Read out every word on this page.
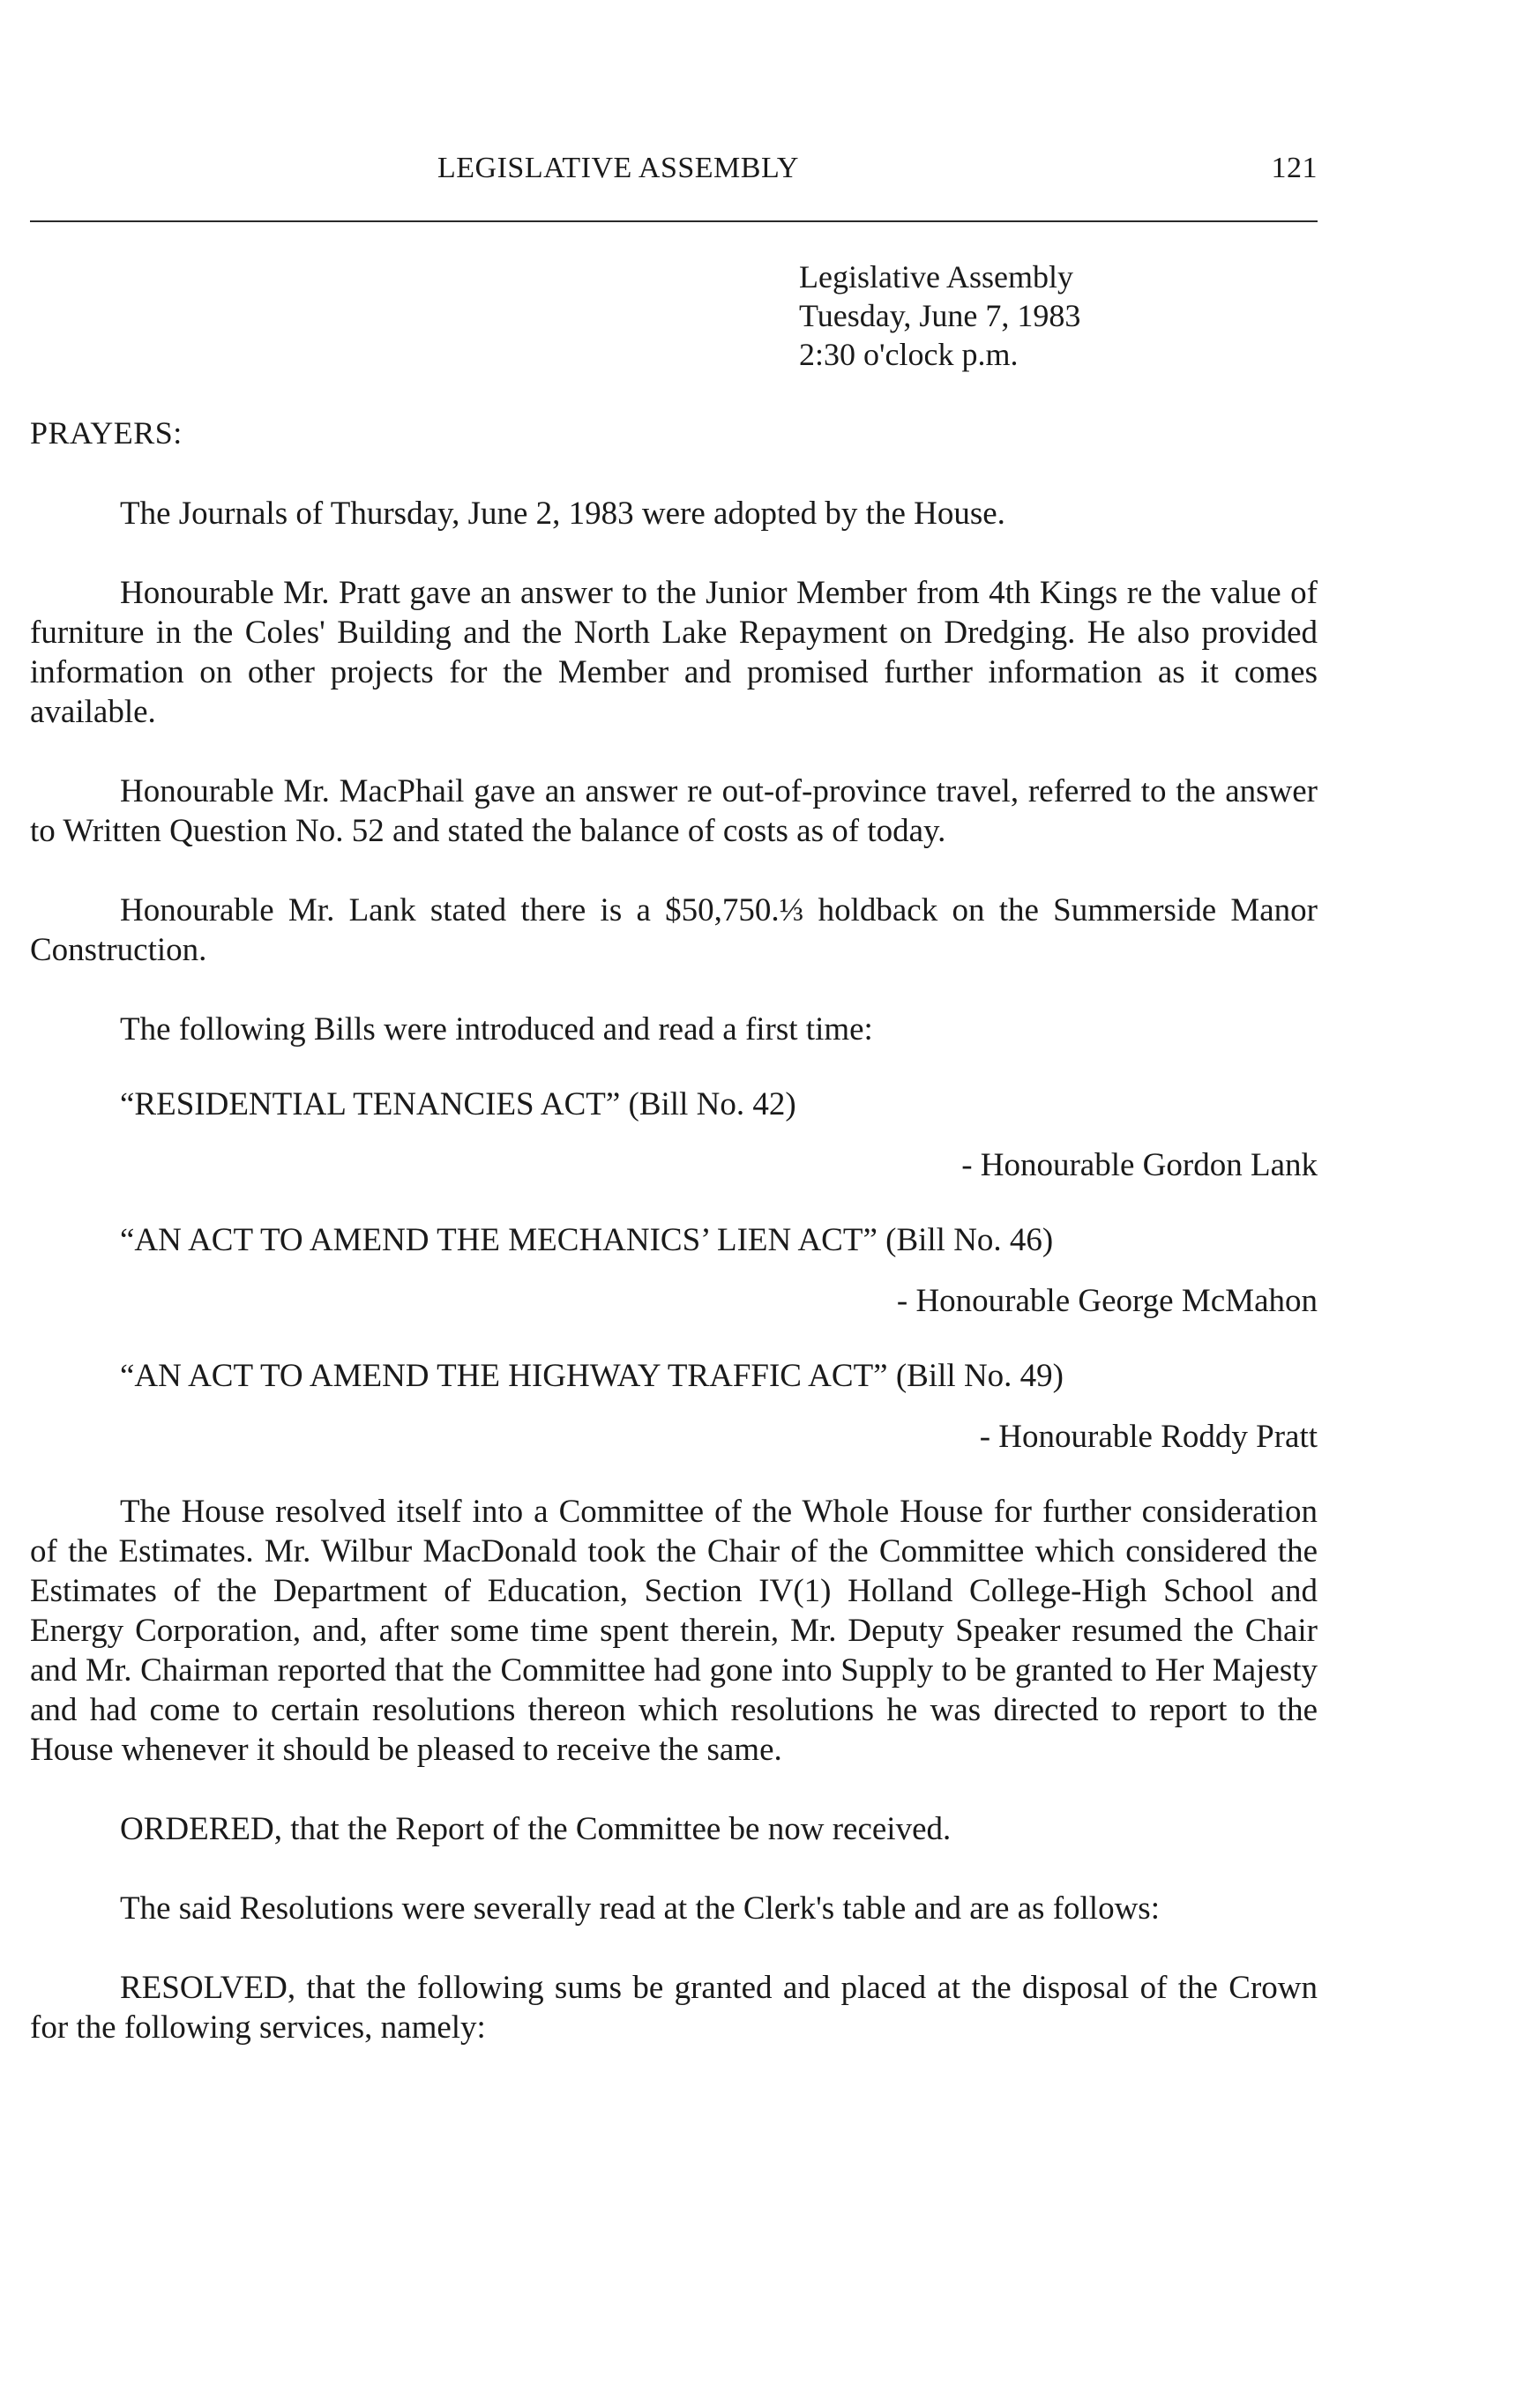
LEGISLATIVE ASSEMBLY	121
Legislative Assembly
Tuesday, June 7, 1983
2:30 o'clock p.m.
PRAYERS:

The Journals of Thursday, June 2, 1983 were adopted by the House.

Honourable Mr. Pratt gave an answer to the Junior Member from 4th Kings re the value of furniture in the Coles' Building and the North Lake Repayment on Dredging. He also provided information on other projects for the Member and promised further information as it comes available.

Honourable Mr. MacPhail gave an answer re out-of-province travel, referred to the answer to Written Question No. 52 and stated the balance of costs as of today.

Honourable Mr. Lank stated there is a $50,750.⅓ holdback on the Summerside Manor Construction.

The following Bills were introduced and read a first time:

“RESIDENTIAL TENANCIES ACT” (Bill No. 42)

- Honourable Gordon Lank

“AN ACT TO AMEND THE MECHANICS’ LIEN ACT” (Bill No. 46)

- Honourable George McMahon

“AN ACT TO AMEND THE HIGHWAY TRAFFIC ACT” (Bill No. 49)

- Honourable Roddy Pratt

The House resolved itself into a Committee of the Whole House for further consideration of the Estimates. Mr. Wilbur MacDonald took the Chair of the Committee which considered the Estimates of the Department of Education, Section IV(1) Holland College-High School and Energy Corporation, and, after some time spent therein, Mr. Deputy Speaker resumed the Chair and Mr. Chairman reported that the Committee had gone into Supply to be granted to Her Majesty and had come to certain resolutions thereon which resolutions he was directed to report to the House whenever it should be pleased to receive the same.

ORDERED, that the Report of the Committee be now received.

The said Resolutions were severally read at the Clerk's table and are as follows:

RESOLVED, that the following sums be granted and placed at the disposal of the Crown for the following services, namely:
